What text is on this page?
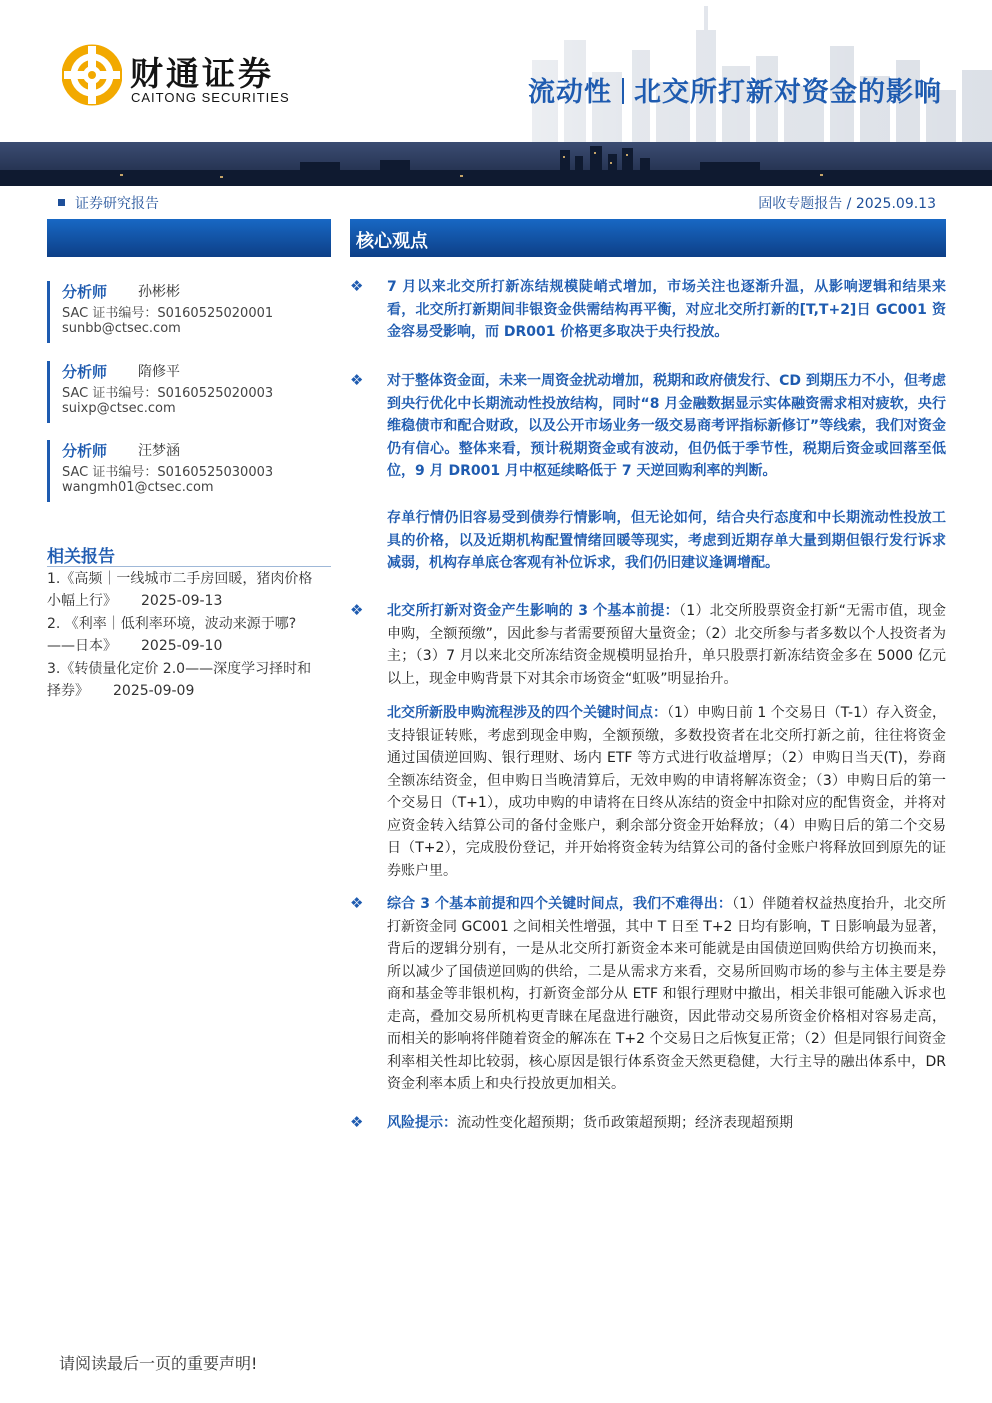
财通证券
CAITONG SECURITIES	流动性 北交所打新对资金的影响
证券研究报告	固收专题报告 / 2025.09.13
核心观点
分析师 孙彬彬
SAC 证书编号：S0160525020001
sunbb@ctsec.com
分析师 隋修平
SAC 证书编号：S0160525020003
suixp@ctsec.com
分析师 汪梦涵
SAC 证书编号：S0160525030003
wangmh01@ctsec.com
相关报告
1.《高频｜一线城市二手房回暖，猪肉价格
小幅上行》 2025-09-13
2. 《利率｜低利率环境，波动来源于哪?
——日本》 2025-09-10
3.《转债量化定价 2.0——深度学习择时和
择券》 2025-09-09
❖ 7 月以来北交所打新冻结规模陡峭式增加，市场关注也逐渐升温，从影响逻辑和结果来看，北交所打新期间非银资金供需结构再平衡，对应北交所打新的[T,T+2]日 GC001 资金容易受影响，而 DR001 价格更多取决于央行投放。
❖ 对于整体资金面，未来一周资金扰动增加，税期和政府债发行、CD 到期压力不小，但考虑到央行优化中长期流动性投放结构，同时“8 月金融数据显示实体融资需求相对疲软，央行维稳债市和配合财政，以及公开市场业务一级交易商考评指标新修订”等线索，我们对资金仍有信心。整体来看，预计税期资金或有波动，但仍低于季节性，税期后资金或回落至低位，9 月 DR001 月中枢延续略低于 7 天逆回购利率的判断。
存单行情仍旧容易受到债券行情影响，但无论如何，结合央行态度和中长期流动性投放工具的价格，以及近期机构配置情绪回暖等现实，考虑到近期存单大量到期但银行发行诉求减弱，机构存单底仓客观有补位诉求，我们仍旧建议逢调增配。
❖ 北交所打新对资金产生影响的 3 个基本前提：（1）北交所股票资金打新“无需市值，现金申购，全额预缴”，因此参与者需要预留大量资金；（2）北交所参与者多数以个人投资者为主；（3）7 月以来北交所冻结资金规模明显抬升，单只股票打新冻结资金多在 5000 亿元以上，现金申购背景下对其余市场资金“虹吸”明显抬升。
北交所新股申购流程涉及的四个关键时间点：（1）申购日前 1 个交易日（T-1）存入资金，支持银证转账，考虑到现金申购，全额预缴，多数投资者在北交所打新之前，往往将资金通过国债逆回购、银行理财、场内 ETF 等方式进行收益增厚；（2）申购日当天(T)，券商全额冻结资金，但申购日当晚清算后，无效申购的申请将解冻资金；（3）申购日后的第一个交易日（T+1），成功申购的申请将在日终从冻结的资金中扣除对应的配售资金，并将对应资金转入结算公司的备付金账户，剩余部分资金开始释放；（4）申购日后的第二个交易日（T+2），完成股份登记，并开始将资金转为结算公司的备付金账户将释放回到原先的证券账户里。
❖ 综合 3 个基本前提和四个关键时间点，我们不难得出：（1）伴随着权益热度抬升，北交所打新资金同 GC001 之间相关性增强，其中 T 日至 T+2 日均有影响，T 日影响最为显著，背后的逻辑分别有，一是从北交所打新资金本来可能就是由国债逆回购供给方切换而来，所以减少了国债逆回购的供给，二是从需求方来看，交易所回购市场的参与主体主要是券商和基金等非银机构，打新资金部分从 ETF 和银行理财中撤出，相关非银可能融入诉求也走高，叠加交易所机构更青睐在尾盘进行融资，因此带动交易所资金价格相对容易走高，而相关的影响将伴随着资金的解冻在 T+2 个交易日之后恢复正常；（2）但是同银行间资金利率相关性却比较弱，核心原因是银行体系资金天然更稳健，大行主导的融出体系中，DR 资金利率本质上和央行投放更加相关。
❖ 风险提示：流动性变化超预期；货币政策超预期；经济表现超预期
请阅读最后一页的重要声明!
